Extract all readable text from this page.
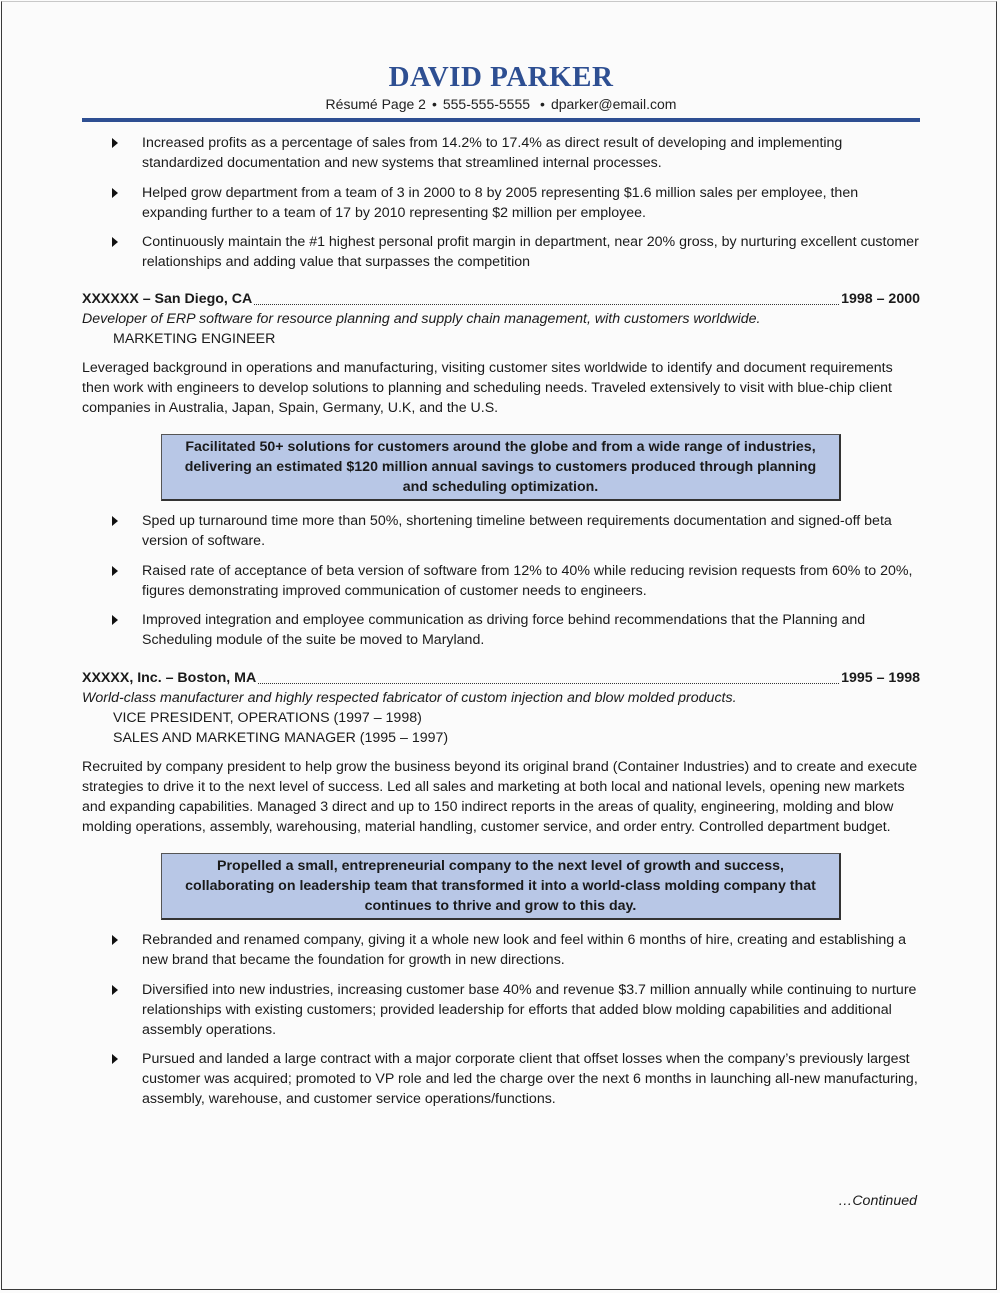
DAVID PARKER
Résumé Page 2 • 555-555-5555 • dparker@email.com
Increased profits as a percentage of sales from 14.2% to 17.4% as direct result of developing and implementing standardized documentation and new systems that streamlined internal processes.
Helped grow department from a team of 3 in 2000 to 8 by 2005 representing $1.6 million sales per employee, then expanding further to a team of 17 by 2010 representing $2 million per employee.
Continuously maintain the #1 highest personal profit margin in department, near 20% gross, by nurturing excellent customer relationships and adding value that surpasses the competition
XXXXXX – San Diego, CA	1998 – 2000
Developer of ERP software for resource planning and supply chain management, with customers worldwide.
MARKETING ENGINEER
Leveraged background in operations and manufacturing, visiting customer sites worldwide to identify and document requirements then work with engineers to develop solutions to planning and scheduling needs. Traveled extensively to visit with blue-chip client companies in Australia, Japan, Spain, Germany, U.K, and the U.S.
Facilitated 50+ solutions for customers around the globe and from a wide range of industries, delivering an estimated $120 million annual savings to customers produced through planning and scheduling optimization.
Sped up turnaround time more than 50%, shortening timeline between requirements documentation and signed-off beta version of software.
Raised rate of acceptance of beta version of software from 12% to 40% while reducing revision requests from 60% to 20%, figures demonstrating improved communication of customer needs to engineers.
Improved integration and employee communication as driving force behind recommendations that the Planning and Scheduling module of the suite be moved to Maryland.
XXXXX, Inc. – Boston, MA	1995 – 1998
World-class manufacturer and highly respected fabricator of custom injection and blow molded products.
VICE PRESIDENT, OPERATIONS (1997 – 1998)
SALES AND MARKETING MANAGER (1995 – 1997)
Recruited by company president to help grow the business beyond its original brand (Container Industries) and to create and execute strategies to drive it to the next level of success. Led all sales and marketing at both local and national levels, opening new markets and expanding capabilities. Managed 3 direct and up to 150 indirect reports in the areas of quality, engineering, molding and blow molding operations, assembly, warehousing, material handling, customer service, and order entry. Controlled department budget.
Propelled a small, entrepreneurial company to the next level of growth and success, collaborating on leadership team that transformed it into a world-class molding company that continues to thrive and grow to this day.
Rebranded and renamed company, giving it a whole new look and feel within 6 months of hire, creating and establishing a new brand that became the foundation for growth in new directions.
Diversified into new industries, increasing customer base 40% and revenue $3.7 million annually while continuing to nurture relationships with existing customers; provided leadership for efforts that added blow molding capabilities and additional assembly operations.
Pursued and landed a large contract with a major corporate client that offset losses when the company’s previously largest customer was acquired; promoted to VP role and led the charge over the next 6 months in launching all-new manufacturing, assembly, warehouse, and customer service operations/functions.
…Continued
